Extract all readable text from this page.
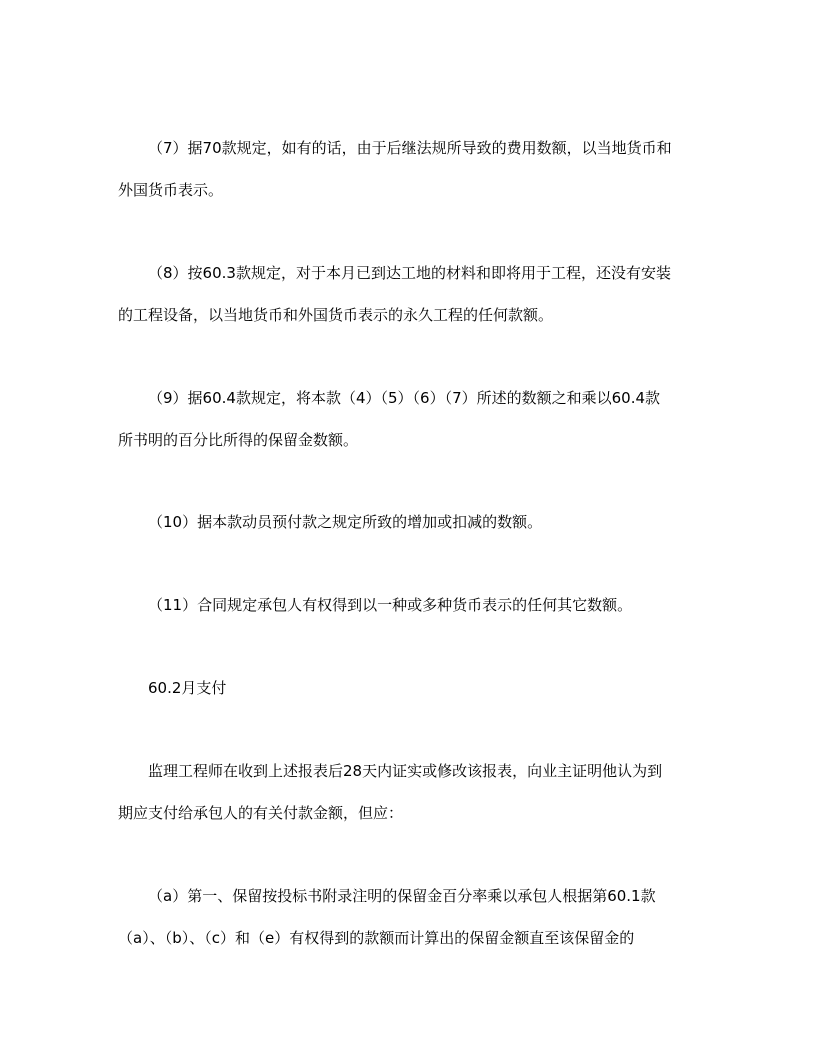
（7）据70款规定，如有的话，由于后继法规所导致的费用数额，以当地货币和
外国货币表示。
（8）按60.3款规定，对于本月已到达工地的材料和即将用于工程，还没有安装
的工程设备，以当地货币和外国货币表示的永久工程的任何款额。
（9）据60.4款规定，将本款（4）（5）（6）（7）所述的数额之和乘以60.4款
所书明的百分比所得的保留金数额。
（10）据本款动员预付款之规定所致的增加或扣减的数额。
（11）合同规定承包人有权得到以一种或多种货币表示的任何其它数额。
60.2月支付
监理工程师在收到上述报表后28天内证实或修改该报表，向业主证明他认为到
期应支付给承包人的有关付款金额，但应：
（a）第一、保留按投标书附录注明的保留金百分率乘以承包人根据第60.1款
（a）、（b）、（c）和（e）有权得到的款额而计算出的保留金额直至该保留金的
